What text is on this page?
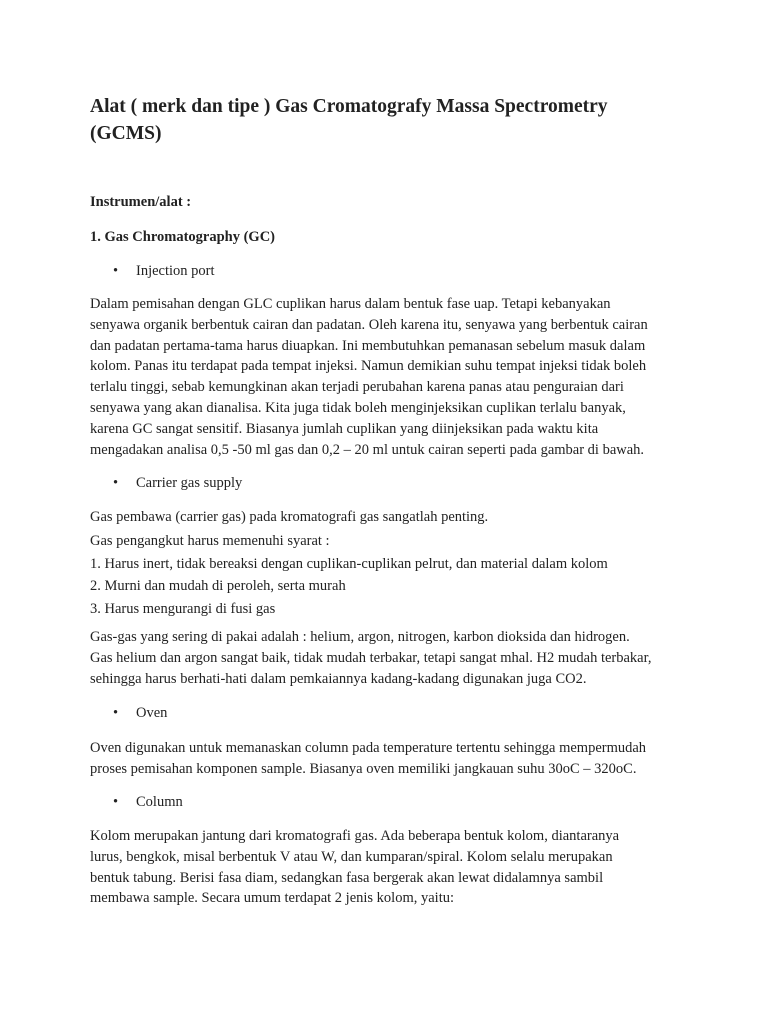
Alat ( merk dan tipe ) Gas Cromatografy Massa Spectrometry (GCMS)

Instrumen/alat :

1. Gas Chromatography (GC)

• Injection port
Dalam pemisahan dengan GLC cuplikan harus dalam bentuk fase uap. Tetapi kebanyakan
senyawa organik berbentuk cairan dan padatan. Oleh karena itu, senyawa yang berbentuk cairan
dan padatan pertama-tama harus diuapkan. Ini membutuhkan pemanasan sebelum masuk dalam
kolom. Panas itu terdapat pada tempat injeksi. Namun demikian suhu tempat injeksi tidak boleh
terlalu tinggi, sebab kemungkinan akan terjadi perubahan karena panas atau penguraian dari
senyawa yang akan dianalisa. Kita juga tidak boleh menginjeksikan cuplikan terlalu banyak,
karena GC sangat sensitif. Biasanya jumlah cuplikan yang diinjeksikan pada waktu kita
mengadakan analisa 0,5 -50 ml gas dan 0,2 – 20 ml untuk cairan seperti pada gambar di bawah.
• Carrier gas supply
Gas pembawa (carrier gas) pada kromatografi gas sangatlah penting.
Gas pengangkut harus memenuhi syarat :
1. Harus inert, tidak bereaksi dengan cuplikan-cuplikan pelrut, dan material dalam kolom
2. Murni dan mudah di peroleh, serta murah
3. Harus mengurangi di fusi gas
Gas-gas yang sering di pakai adalah : helium, argon, nitrogen, karbon dioksida dan hidrogen.
Gas helium dan argon sangat baik, tidak mudah terbakar, tetapi sangat mhal. H2 mudah terbakar,
sehingga harus berhati-hati dalam pemkaiannya kadang-kadang digunakan juga CO2.
• Oven
Oven digunakan untuk memanaskan column pada temperature tertentu sehingga mempermudah
proses pemisahan komponen sample. Biasanya oven memiliki jangkauan suhu 30oC – 320oC.
• Column
Kolom merupakan jantung dari kromatografi gas. Ada beberapa bentuk kolom, diantaranya
lurus, bengkok, misal berbentuk V atau W, dan kumparan/spiral. Kolom selalu merupakan
bentuk tabung. Berisi fasa diam, sedangkan fasa bergerak akan lewat didalamnya sambil
membawa sample. Secara umum terdapat 2 jenis kolom, yaitu:
